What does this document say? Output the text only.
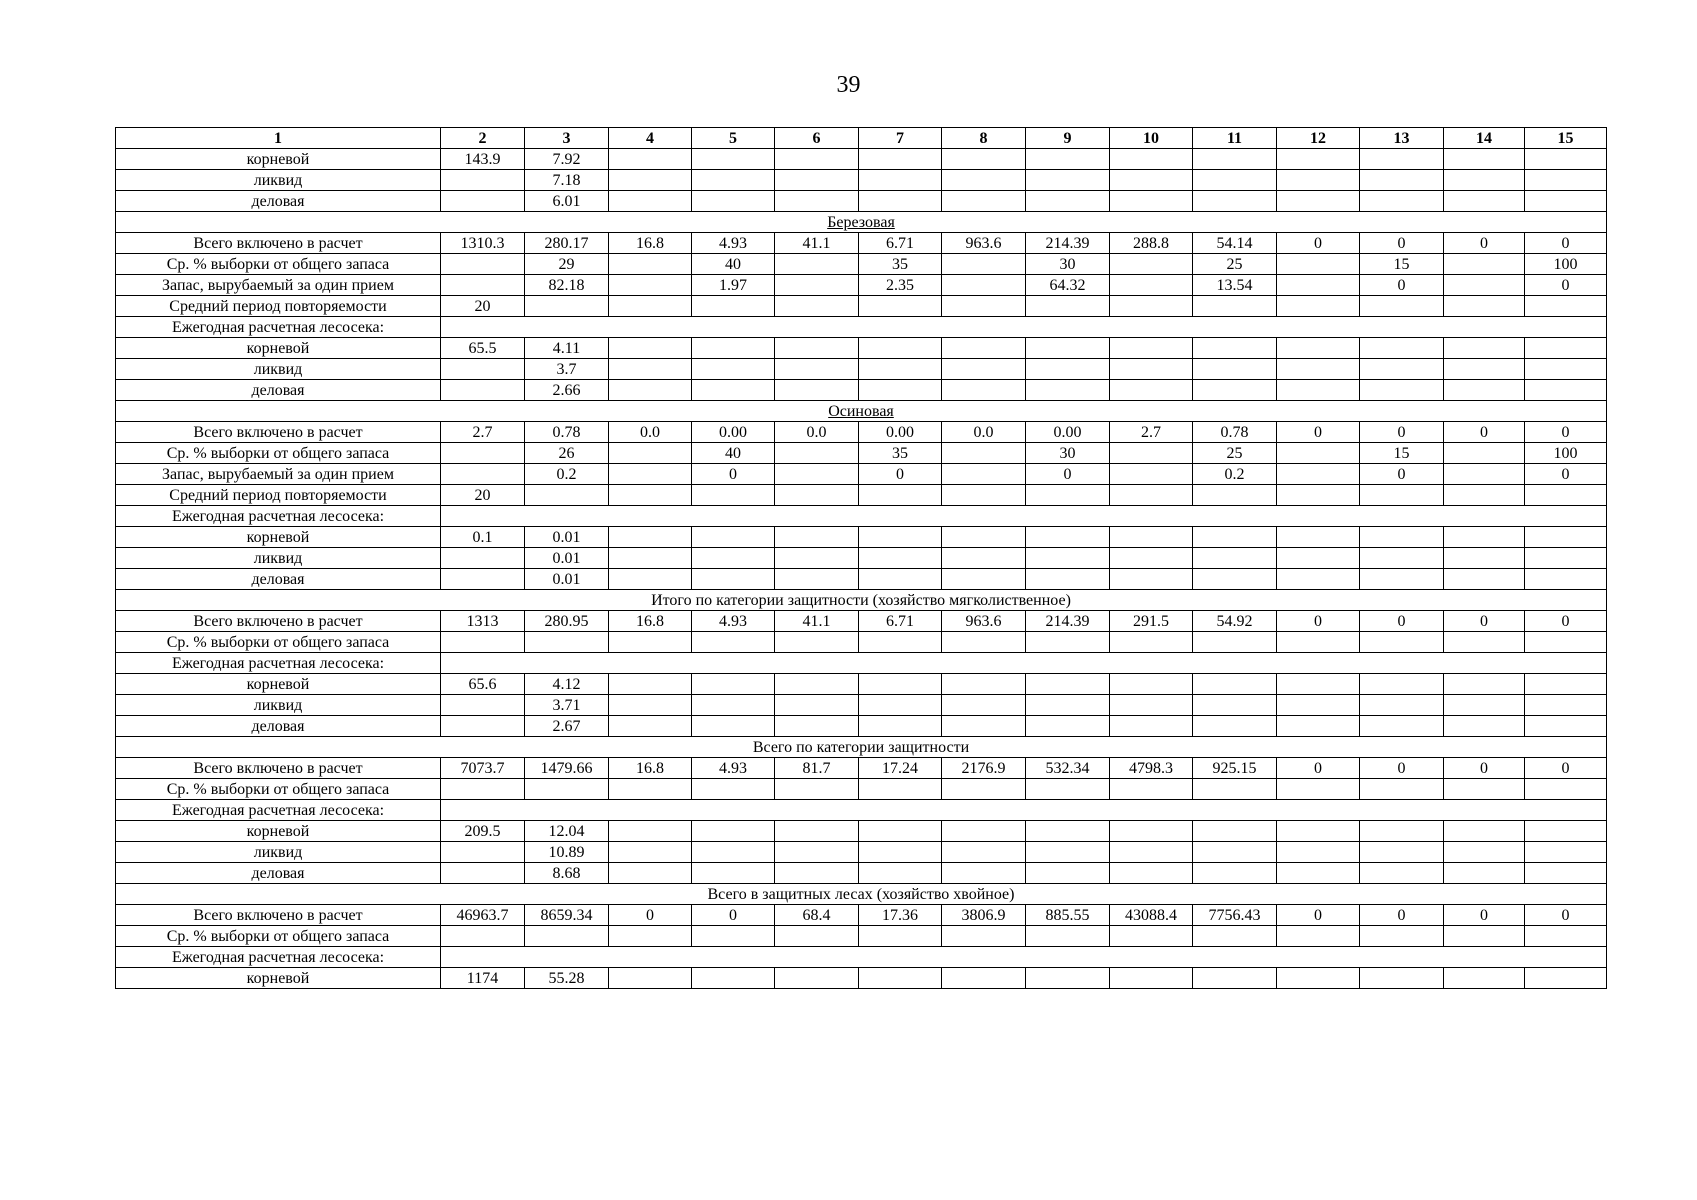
39
1	2	3	4	5	6	7	8	9	10	11	12	13	14	15
корневой	143.9	7.92												
ликвид		7.18												
деловая		6.01												
Березовая														
Всего включено в расчет	1310.3	280.17	16.8	4.93	41.1	6.71	963.6	214.39	288.8	54.14	0	0	0	0
Ср. % выборки от общего запаса		29		40		35		30		25		15		100
Запас, вырубаемый за один прием		82.18		1.97		2.35		64.32		13.54		0		0
Средний период повторяемости	20													
Ежегодная расчетная лесосека:														
корневой	65.5	4.11												
ликвид		3.7												
деловая		2.66												
Осиновая														
Всего включено в расчет	2.7	0.78	0.0	0.00	0.0	0.00	0.0	0.00	2.7	0.78	0	0	0	0
Ср. % выборки от общего запаса		26		40		35		30		25		15		100
Запас, вырубаемый за один прием		0.2		0		0		0		0.2		0		0
Средний период повторяемости	20													
Ежегодная расчетная лесосека:														
корневой	0.1	0.01												
ликвид		0.01												
деловая		0.01												
Итого по категории защитности (хозяйство мягколиственное)														
Всего включено в расчет	1313	280.95	16.8	4.93	41.1	6.71	963.6	214.39	291.5	54.92	0	0	0	0
Ср. % выборки от общего запаса														
Ежегодная расчетная лесосека:														
корневой	65.6	4.12												
ликвид		3.71												
деловая		2.67												
Всего по категории защитности														
Всего включено в расчет	7073.7	1479.66	16.8	4.93	81.7	17.24	2176.9	532.34	4798.3	925.15	0	0	0	0
Ср. % выборки от общего запаса														
Ежегодная расчетная лесосека:														
корневой	209.5	12.04												
ликвид		10.89												
деловая		8.68												
Всего в защитных лесах (хозяйство хвойное)														
Всего включено в расчет	46963.7	8659.34	0	0	68.4	17.36	3806.9	885.55	43088.4	7756.43	0	0	0	0
Ср. % выборки от общего запаса														
Ежегодная расчетная лесосека:														
корневой	1174	55.28												
